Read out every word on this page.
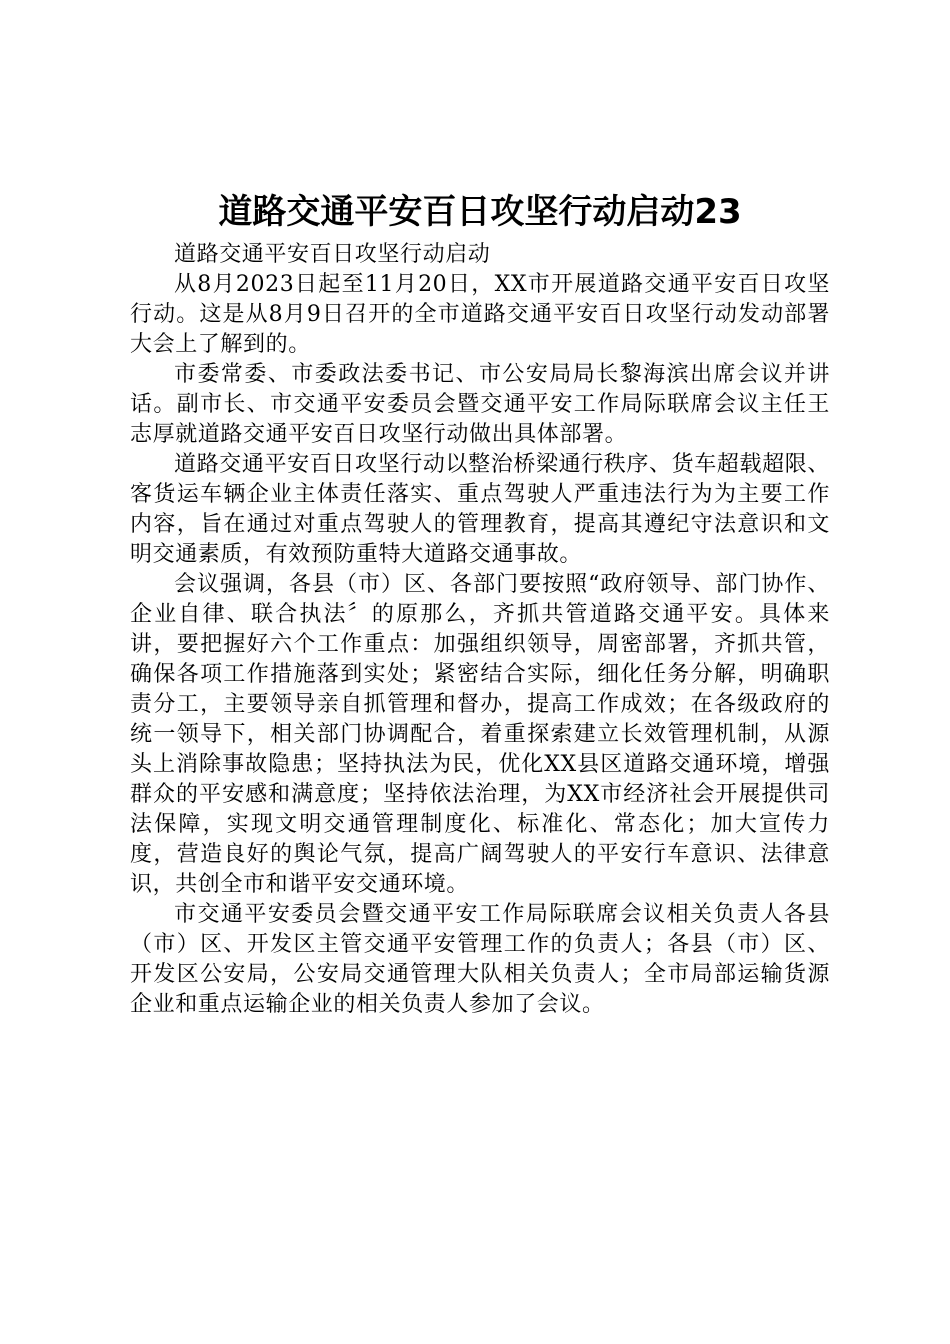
道路交通平安百日攻坚行动启动23

道路交通平安百日攻坚行动启动

从8月2023日起至11月20日，XX市开展道路交通平安百日攻坚行动。这是从8月9日召开的全市道路交通平安百日攻坚行动发动部署大会上了解到的。

市委常委、市委政法委书记、市公安局局长黎海滨出席会议并讲话。副市长、市交通平安委员会暨交通平安工作局际联席会议主任王志厚就道路交通平安百日攻坚行动做出具体部署。

道路交通平安百日攻坚行动以整治桥梁通行秩序、货车超载超限、客货运车辆企业主体责任落实、重点驾驶人严重违法行为为主要工作内容，旨在通过对重点驾驶人的管理教育，提高其遵纪守法意识和文明交通素质，有效预防重特大道路交通事故。

会议强调，各县（市）区、各部门要按照“政府领导、部门协作、企业自律、联合执法〞的原那么，齐抓共管道路交通平安。具体来讲，要把握好六个工作重点：加强组织领导，周密部署，齐抓共管，确保各项工作措施落到实处；紧密结合实际，细化任务分解，明确职责分工，主要领导亲自抓管理和督办，提高工作成效；在各级政府的统一领导下，相关部门协调配合，着重探索建立长效管理机制，从源头上消除事故隐患；坚持执法为民，优化XX县区道路交通环境，增强群众的平安感和满意度；坚持依法治理，为XX市经济社会开展提供司法保障，实现文明交通管理制度化、标准化、常态化；加大宣传力度，营造良好的舆论气氛，提高广阔驾驶人的平安行车意识、法律意识，共创全市和谐平安交通环境。

市交通平安委员会暨交通平安工作局际联席会议相关负责人各县（市）区、开发区主管交通平安管理工作的负责人；各县（市）区、开发区公安局，公安局交通管理大队相关负责人；全市局部运输货源企业和重点运输企业的相关负责人参加了会议。
